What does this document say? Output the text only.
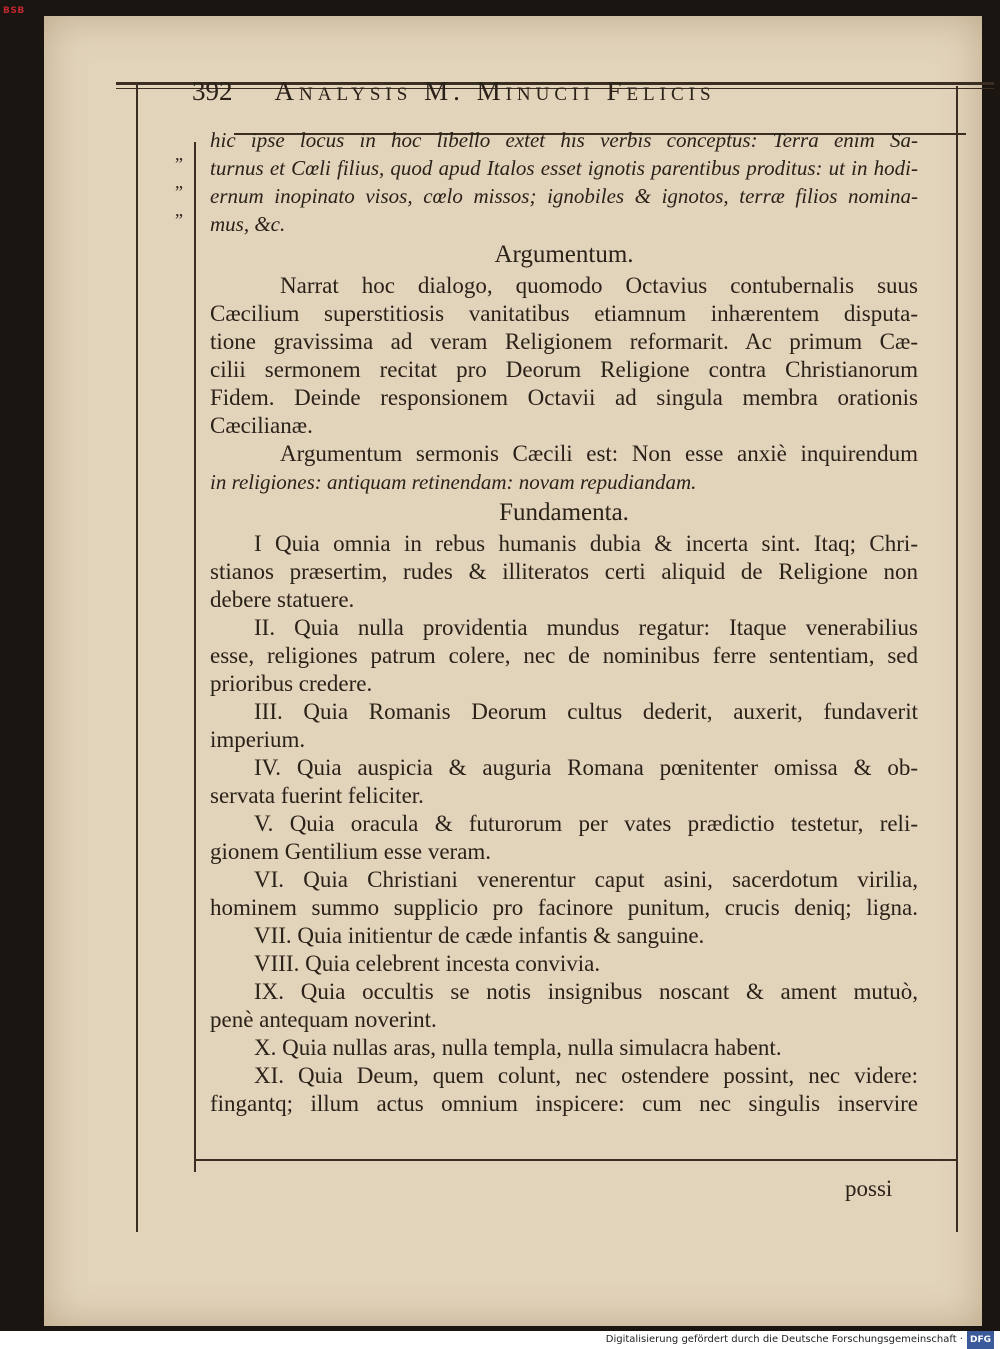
BSB
392 Analysis M. Minucii Felicis
”
”
”
hic ipse locus in hoc libello extet his verbis conceptus: Terra enim Sa-
turnus et Cœli filius, quod apud Italos esset ignotis parentibus proditus: ut in hodi-
ernum inopinato visos, cœlo missos; ignobiles & ignotos, terræ filios nomina-
mus, &c.
Argumentum.
Narrat hoc dialogo, quomodo Octavius contubernalis suus
Cæcilium superstitiosis vanitatibus etiamnum inhærentem disputa-
tione gravissima ad veram Religionem reformarit. Ac primum Cæ-
cilii sermonem recitat pro Deorum Religione contra Christianorum
Fidem. Deinde responsionem Octavii ad singula membra orationis
Cæcilianæ.
Argumentum sermonis Cæcili est: Non esse anxiè inquirendum
in religiones: antiquam retinendam: novam repudiandam.
Fundamenta.
I Quia omnia in rebus humanis dubia & incerta sint. Itaq; Chri-
stianos præsertim, rudes & illiteratos certi aliquid de Religione non
debere statuere.
II. Quia nulla providentia mundus regatur: Itaque venerabilius
esse, religiones patrum colere, nec de nominibus ferre sententiam, sed
prioribus credere.
III. Quia Romanis Deorum cultus dederit, auxerit, fundaverit
imperium.
IV. Quia auspicia & auguria Romana pœnitenter omissa & ob-
servata fuerint feliciter.
V. Quia oracula & futurorum per vates prædictio testetur, reli-
gionem Gentilium esse veram.
VI. Quia Christiani venerentur caput asini, sacerdotum virilia,
hominem summo supplicio pro facinore punitum, crucis deniq; ligna.
VII. Quia initientur de cæde infantis & sanguine.
VIII. Quia celebrent incesta convivia.
IX. Quia occultis se notis insignibus noscant & ament mutuò,
penè antequam noverint.
X. Quia nullas aras, nulla templa, nulla simulacra habent.
XI. Quia Deum, quem colunt, nec ostendere possint, nec videre:
fingantq; illum actus omnium inspicere: cum nec singulis inservire
possi
Digitalisierung gefördert durch die Deutsche Forschungsgemeinschaft · DFG
